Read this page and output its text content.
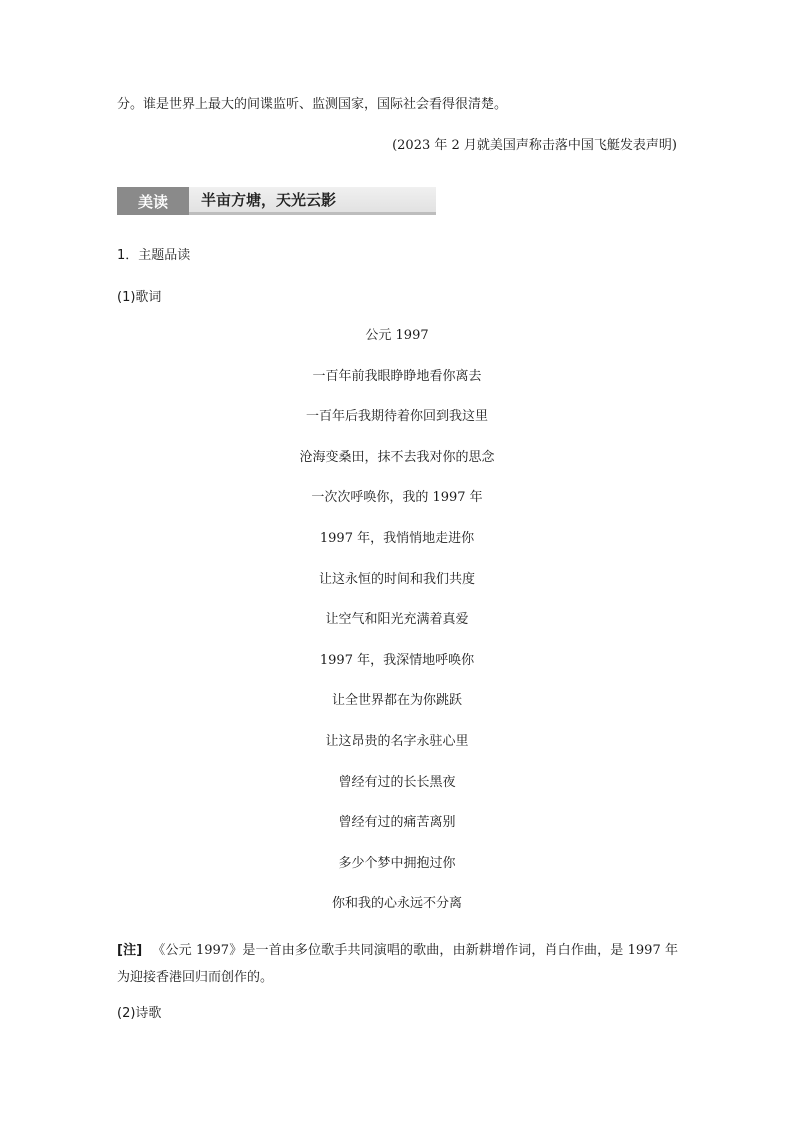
分。谁是世界上最大的间谍监听、监测国家，国际社会看得很清楚。
(2023 年 2 月就美国声称击落中国飞艇发表声明)
美读	半亩方塘，天光云影
1．主题品读
(1)歌词
公元 1997
一百年前我眼睁睁地看你离去
一百年后我期待着你回到我这里
沧海变桑田，抹不去我对你的思念
一次次呼唤你，我的 1997 年
1997 年，我悄悄地走进你
让这永恒的时间和我们共度
让空气和阳光充满着真爱
1997 年，我深情地呼唤你
让全世界都在为你跳跃
让这昂贵的名字永驻心里
曾经有过的长长黑夜
曾经有过的痛苦离别
多少个梦中拥抱过你
你和我的心永远不分离
[注] 《公元 1997》是一首由多位歌手共同演唱的歌曲，由新耕增作词，肖白作曲，是 1997 年为迎接香港回归而创作的。
(2)诗歌
